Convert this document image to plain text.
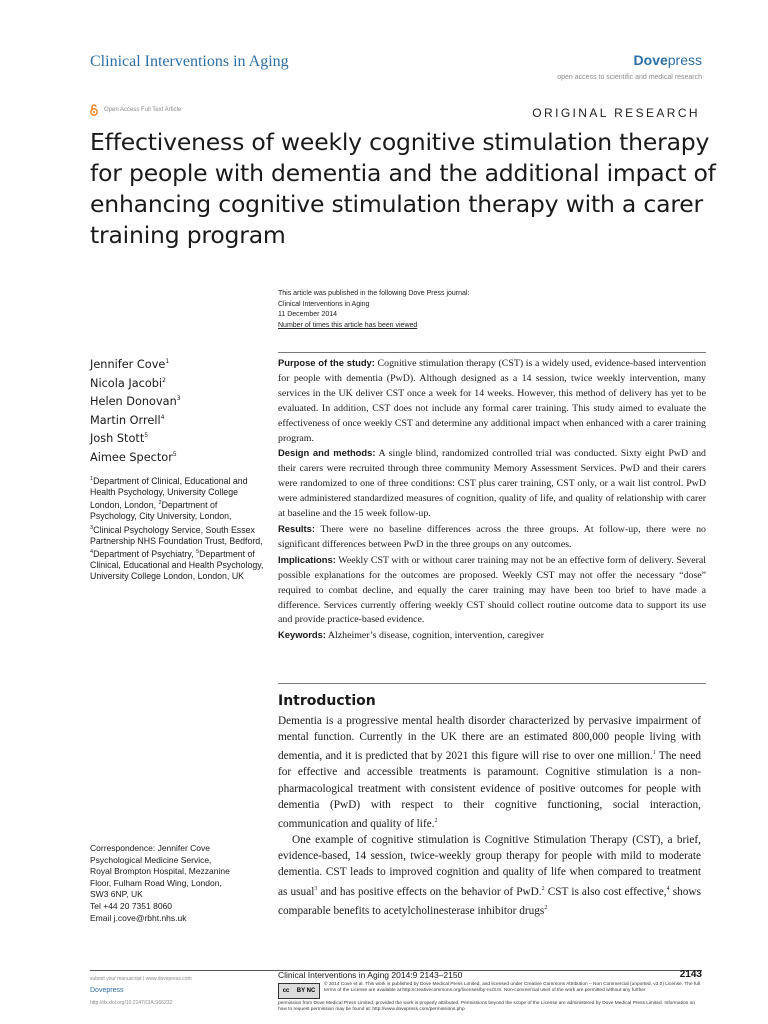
Clinical Interventions in Aging	Dovepress
open access to scientific and medical research
Open Access Full Text Article	ORIGINAL RESEARCH
Effectiveness of weekly cognitive stimulation therapy for people with dementia and the additional impact of enhancing cognitive stimulation therapy with a carer training program
This article was published in the following Dove Press journal:
Clinical Interventions in Aging
11 December 2014
Number of times this article has been viewed
Jennifer Cove$^1$
Nicola Jacobi$^2$
Helen Donovan$^3$
Martin Orrell$^4$
Josh Stott$^5$
Aimee Spector$^5$
$^1$Department of Clinical, Educational and Health Psychology, University College London, London, $^2$Department of Psychology, City University, London, $^3$Clinical Psychology Service, South Essex Partnership NHS Foundation Trust, Bedford, $^4$Department of Psychiatry, $^5$Department of Clinical, Educational and Health Psychology, University College London, London, UK

Purpose of the study: Cognitive stimulation therapy (CST) is a widely used, evidence-based intervention for people with dementia (PwD). Although designed as a 14 session, twice weekly intervention, many services in the UK deliver CST once a week for 14 weeks. However, this method of delivery has yet to be evaluated. In addition, CST does not include any formal carer training. This study aimed to evaluate the effectiveness of once weekly CST and determine any additional impact when enhanced with a carer training program.

Design and methods: A single blind, randomized controlled trial was conducted. Sixty eight PwD and their carers were recruited through three community Memory Assessment Services. PwD and their carers were randomized to one of three conditions: CST plus carer training, CST only, or a wait list control. PwD were administered standardized measures of cognition, quality of life, and quality of relationship with carer at baseline and the 15 week follow-up.

Results: There were no baseline differences across the three groups. At follow-up, there were no significant differences between PwD in the three groups on any outcomes.

Implications: Weekly CST with or without carer training may not be an effective form of delivery. Several possible explanations for the outcomes are proposed. Weekly CST may not offer the necessary “dose” required to combat decline, and equally the carer training may have been too brief to have made a difference. Services currently offering weekly CST should collect routine outcome data to support its use and provide practice-based evidence.

Keywords: Alzheimer’s disease, cognition, intervention, caregiver

Introduction

Dementia is a progressive mental health disorder characterized by pervasive impairment of mental function. Currently in the UK there are an estimated 800,000 people living with dementia, and it is predicted that by 2021 this figure will rise to over one million.$^1$ The need for effective and accessible treatments is paramount. Cognitive stimulation is a non-pharmacological treatment with consistent evidence of positive outcomes for people with dementia (PwD) with respect to their cognitive functioning, social interaction, communication and quality of life.$^2$

One example of cognitive stimulation is Cognitive Stimulation Therapy (CST), a brief, evidence-based, 14 session, twice-weekly group therapy for people with mild to moderate dementia. CST leads to improved cognition and quality of life when compared to treatment as usual$^3$ and has positive effects on the behavior of PwD.$^2$ CST is also cost effective,$^4$ shows comparable benefits to acetylcholinesterase inhibitor drugs$^2$

Correspondence: Jennifer Cove
Psychological Medicine Service,
Royal Brompton Hospital, Mezzanine
Floor, Fulham Road Wing, London,
SW3 6NP, UK
Tel +44 20 7351 8060
Email j.cove@rbht.nhs.uk
submit your manuscript | www.dovepress.com
Dovepress
http://dx.doi.org/10.2147/CIA.S66232
Clinical Interventions in Aging 2014:9 2143–2150	2143
cc BY NC
© 2014 Cove et al. This work is published by Dove Medical Press Limited, and licensed under Creative Commons Attribution – Non Commercial (unported, v3.0) License. The full terms of the License are available at http://creativecommons.org/licenses/by-nc/3.0/. Non-commercial uses of the work are permitted without any further
permission from Dove Medical Press Limited, provided the work is properly attributed. Permissions beyond the scope of the License are administered by Dove Medical Press Limited. Information on how to request permission may be found at: http://www.dovepress.com/permissions.php
